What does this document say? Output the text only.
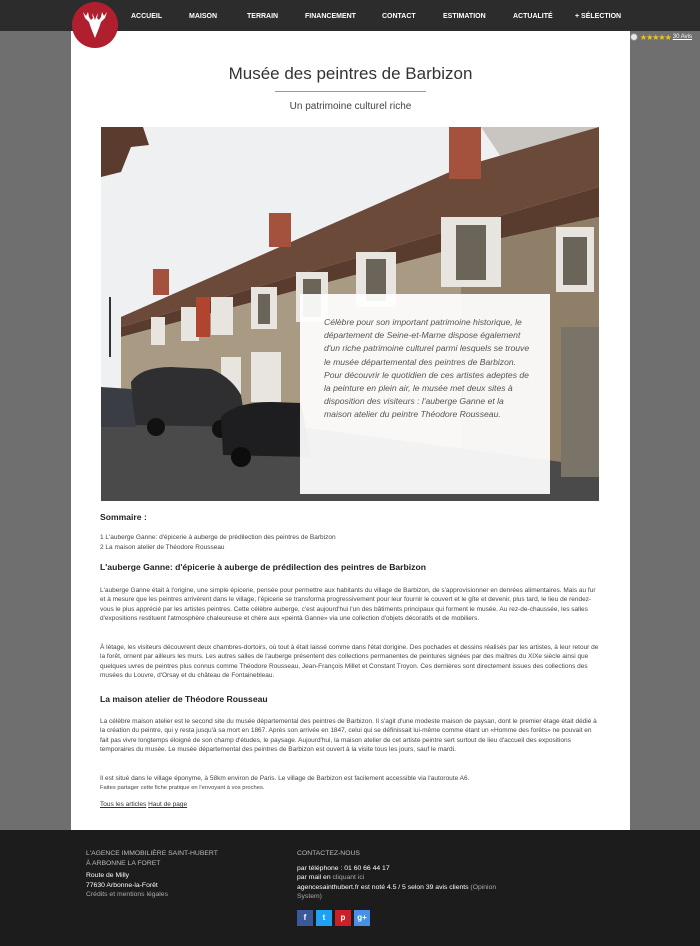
ACCUEIL	MAISON	TERRAIN	FINANCEMENT	CONTACT	ESTIMATION	ACTUALITÉ	+ SÉLECTION
★★★★★ 30 Avis
Musée des peintres de Barbizon
Un patrimoine culturel riche
Célèbre pour son important patrimoine historique, le département de Seine-et-Marne dispose également d'un riche patrimoine culturel parmi lesquels se trouve le musée départemental des peintres de Barbizon. Pour découvrir le quotidien de ces artistes adeptes de la peinture en plein air, le musée met deux sites à disposition des visiteurs : l'auberge Ganne et la maison atelier du peintre Théodore Rousseau.
Sommaire :

1 L'auberge Ganne: d'épicerie à auberge de prédilection des peintres de Barbizon

2 La maison atelier de Théodore Rousseau

L'auberge Ganne: d'épicerie à auberge de prédilection des peintres de Barbizon

L'auberge Ganne était à l'origine, une simple épicerie, pensée pour permettre aux habitants du village de Barbizon, de s'approvisionner en denrées alimentaires. Mais au fur et à mesure que les peintres arrivèrent dans le village, l'épicerie se transforma progressivement pour leur fournir le couvert et le gîte et devenir, plus tard, le lieu de rendez-vous le plus apprécié par les artistes peintres. Cette célèbre auberge, c'est aujourd'hui l'un des bâtiments principaux qui forment le musée. Au rez-de-chaussée, les salles d'expositions restituent l'atmosphère chaleureuse et chère aux «peintà Ganne» via une collection d'objets décoratifs et de mobiliers.

À létage, les visiteurs découvrent deux chambres-dortoirs, où tout à était laissé comme dans l'état dorigine. Des pochades et dessins réalisés par les artistes, à leur retour de la forêt, ornent par ailleurs les murs. Les autres salles de l'auberge présentent des collections permanentes de peintures signées par des maîtres du XIXe siècle ainsi que quelques uvres de peintres plus connus comme Théodore Rousseau, Jean-François Millet et Constant Troyon. Ces dernières sont directement issues des collections des musées du Louvre, d'Orsay et du château de Fontainebleau.

La maison atelier de Théodore Rousseau

La célèbre maison atelier est le second site du musée départemental des peintres de Barbizon. Il s'agit d'une modeste maison de paysan, dont le premier étage était dédié à la création du peintre, qui y resta jusqu'à sa mort en 1867. Après son arrivée en 1847, celui qui se définissait lui-même comme étant un «Homme des forêts» ne pouvait en fait pas vivre longtemps éloigné de son champ d'études, le paysage. Aujourd'hui, la maison atelier de cet artiste peintre sert surtout de lieu d'accueil des expositions temporaires du musée. Le musée départemental des peintres de Barbizon est ouvert à la visite tous les jours, sauf le mardi.

Il est situé dans le village éponyme, à 58km environ de Paris. Le village de Barbizon est facilement accessible via l'autoroute A6.

Faites partager cette fiche pratique en l'envoyant à vos proches.

Tous les articles Haut de page

L'AGENCE IMMOBILIÈRE SAINT-HUBERT
À ARBONNE LA FORET
Route de Milly
77630 Arbonne-la-Forêt
Crédits et mentions légales
CONTACTEZ-NOUS
par téléphone : 01 60 66 44 17
par mail en cliquant ici
agencesainthubert.fr est noté 4.5 / 5 selon 39 avis clients (Opinion System)
f	t	p	g+
